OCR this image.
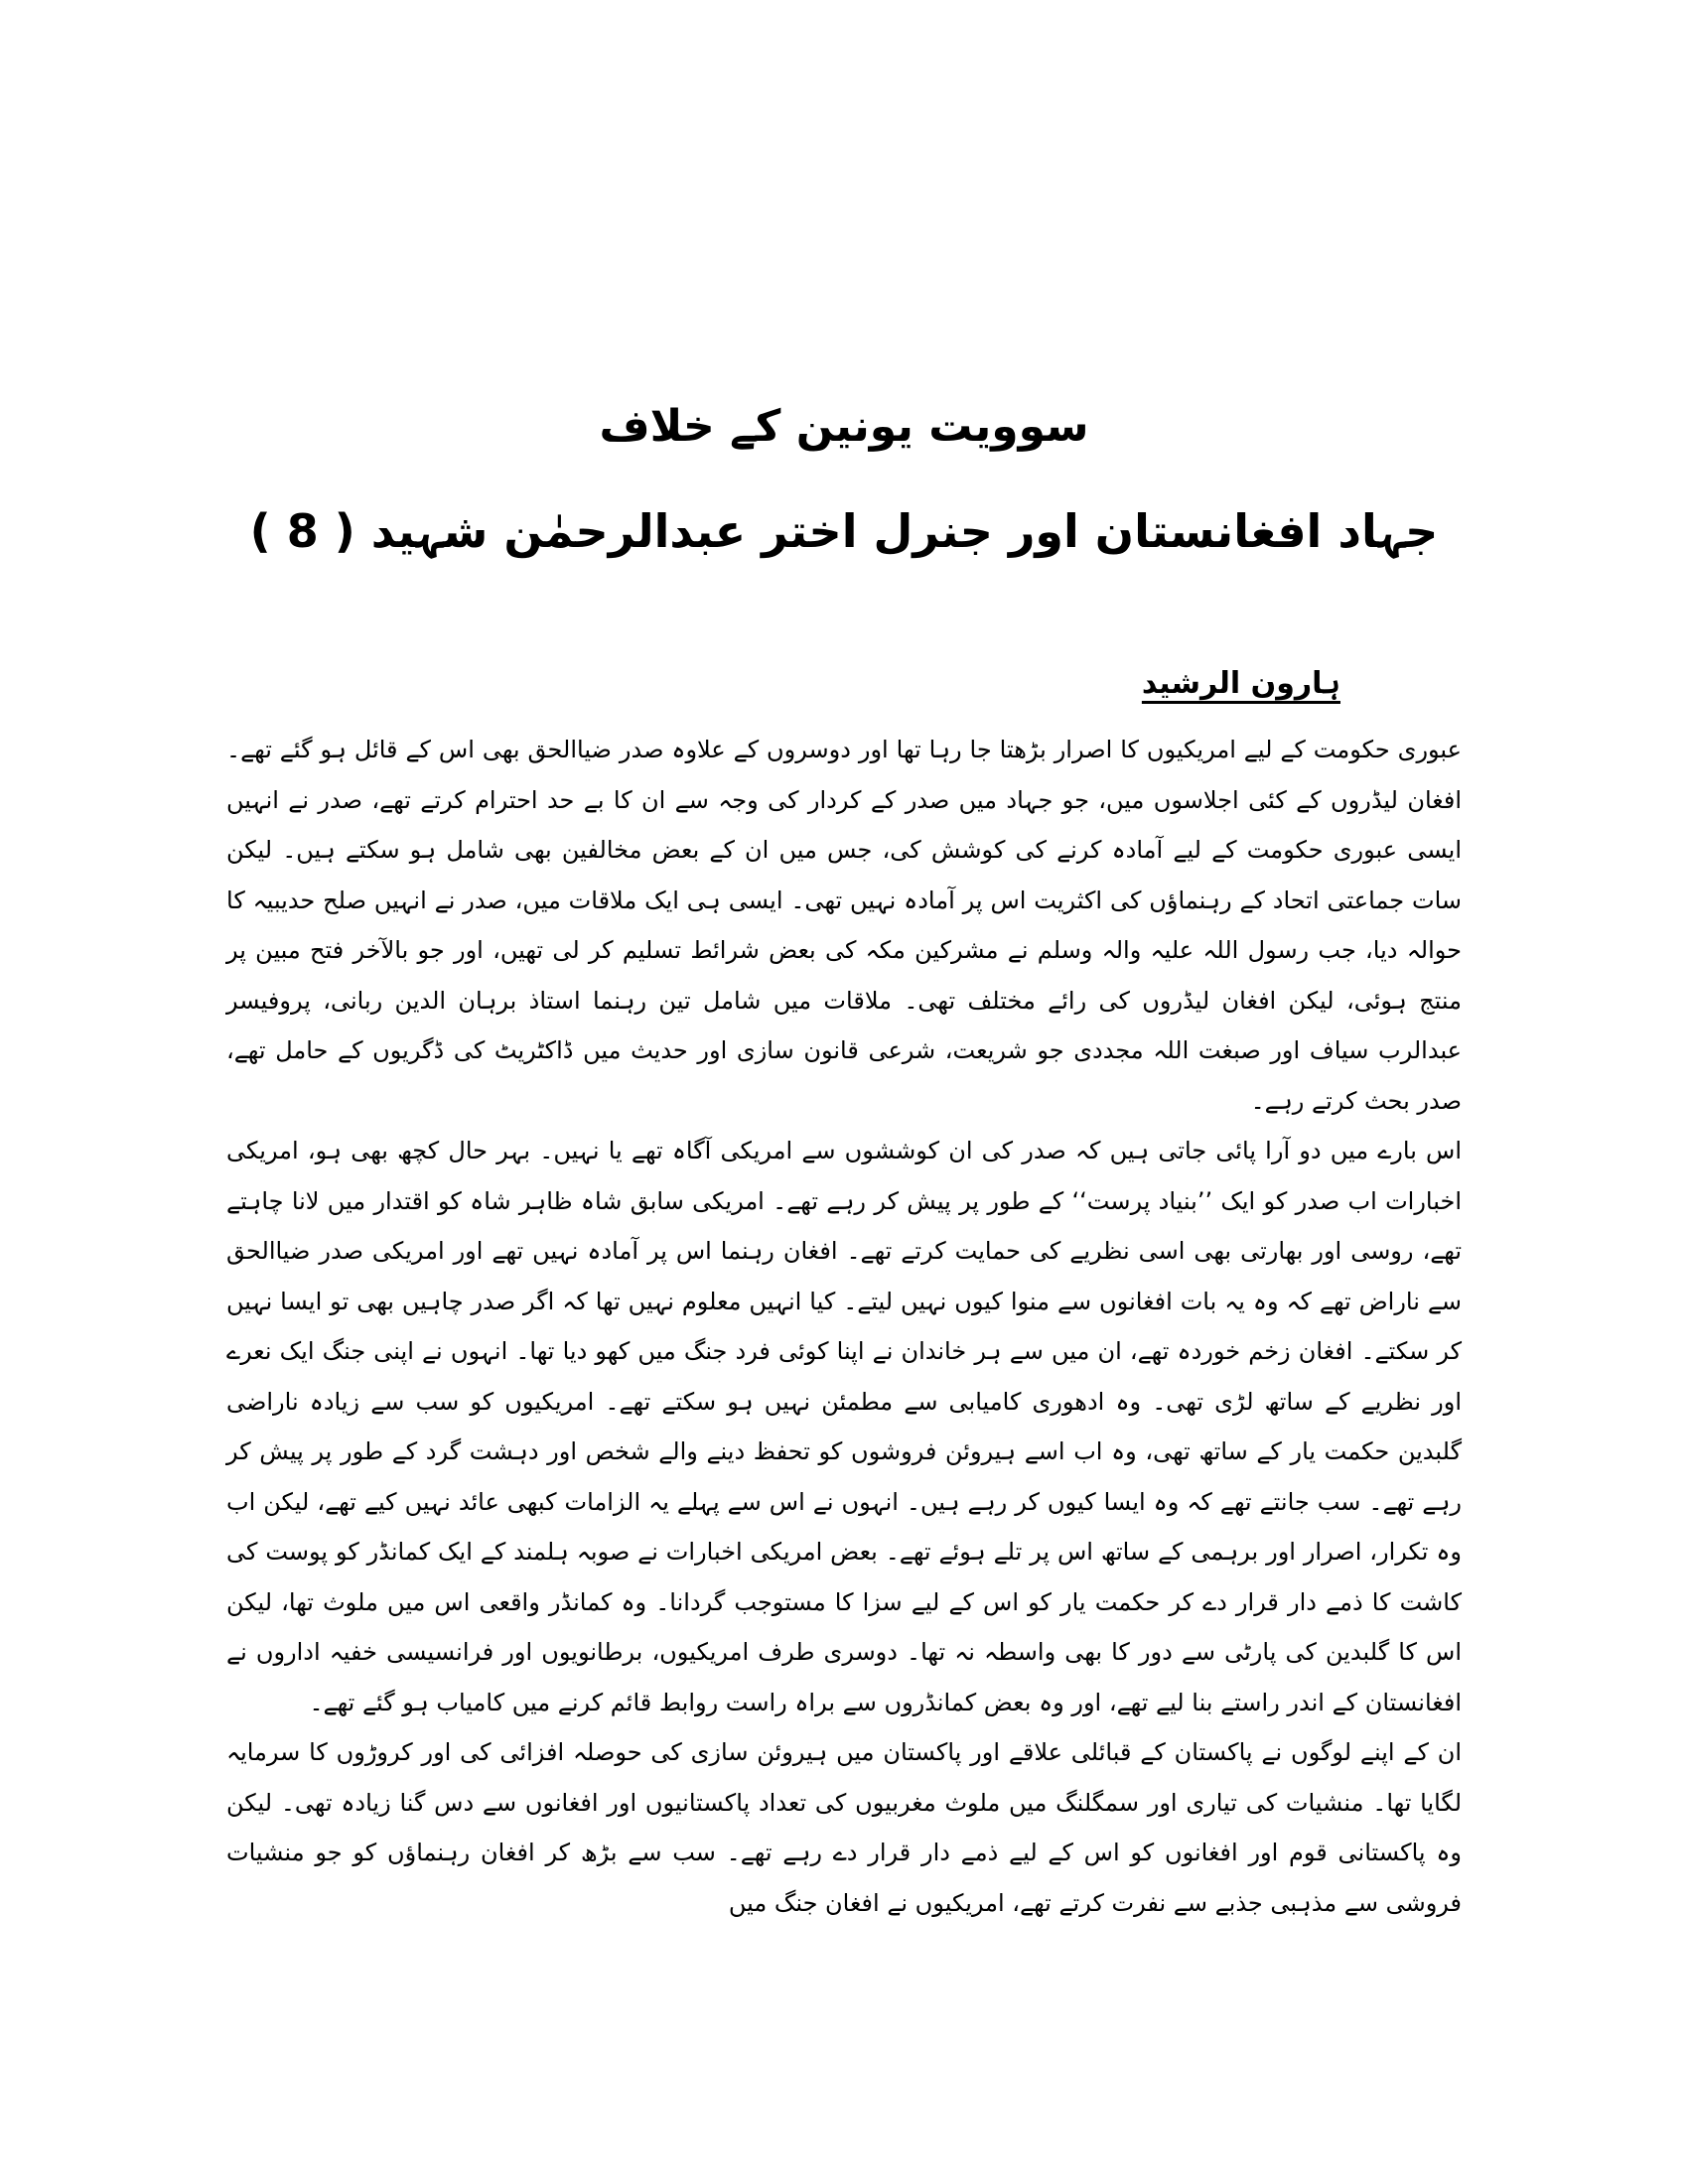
سوویت یونین کے خلاف
جہاد افغانستان اور جنرل اختر عبدالرحمٰن شہید ( 8 )
ہارون الرشید

عبوری حکومت کے لیے امریکیوں کا اصرار بڑھتا جا رہا تھا اور دوسروں کے علاوہ صدر ضیاالحق بھی اس کے قائل ہو گئے تھے۔ افغان لیڈروں کے کئی اجلاسوں میں، جو جہاد میں صدر کے کردار کی وجہ سے ان کا بے حد احترام کرتے تھے، صدر نے انہیں ایسی عبوری حکومت کے لیے آمادہ کرنے کی کوشش کی، جس میں ان کے بعض مخالفین بھی شامل ہو سکتے ہیں۔ لیکن سات جماعتی اتحاد کے رہنماؤں کی اکثریت اس پر آمادہ نہیں تھی۔ ایسی ہی ایک ملاقات میں، صدر نے انہیں صلح حدیبیہ کا حوالہ دیا، جب رسول اللہ علیہ والہ وسلم نے مشرکین مکہ کی بعض شرائط تسلیم کر لی تھیں، اور جو بالآخر فتح مبین پر منتج ہوئی، لیکن افغان لیڈروں کی رائے مختلف تھی۔ ملاقات میں شامل تین رہنما استاذ برہان الدین ربانی، پروفیسر عبدالرب سیاف اور صبغت اللہ مجددی جو شریعت، شرعی قانون سازی اور حدیث میں ڈاکٹریٹ کی ڈگریوں کے حامل تھے، صدر بحث کرتے رہے۔

اس بارے میں دو آرا پائی جاتی ہیں کہ صدر کی ان کوششوں سے امریکی آگاہ تھے یا نہیں۔ بہر حال کچھ بھی ہو، امریکی اخبارات اب صدر کو ایک ’’بنیاد پرست‘‘ کے طور پر پیش کر رہے تھے۔ امریکی سابق شاہ ظاہر شاہ کو اقتدار میں لانا چاہتے تھے، روسی اور بھارتی بھی اسی نظریے کی حمایت کرتے تھے۔ افغان رہنما اس پر آمادہ نہیں تھے اور امریکی صدر ضیاالحق سے ناراض تھے کہ وہ یہ بات افغانوں سے منوا کیوں نہیں لیتے۔ کیا انہیں معلوم نہیں تھا کہ اگر صدر چاہیں بھی تو ایسا نہیں کر سکتے۔ افغان زخم خوردہ تھے، ان میں سے ہر خاندان نے اپنا کوئی فرد جنگ میں کھو دیا تھا۔ انہوں نے اپنی جنگ ایک نعرے اور نظریے کے ساتھ لڑی تھی۔ وہ ادھوری کامیابی سے مطمئن نہیں ہو سکتے تھے۔ امریکیوں کو سب سے زیادہ ناراضی گلبدین حکمت یار کے ساتھ تھی، وہ اب اسے ہیروئن فروشوں کو تحفظ دینے والے شخص اور دہشت گرد کے طور پر پیش کر رہے تھے۔ سب جانتے تھے کہ وہ ایسا کیوں کر رہے ہیں۔ انہوں نے اس سے پہلے یہ الزامات کبھی عائد نہیں کیے تھے، لیکن اب وہ تکرار، اصرار اور برہمی کے ساتھ اس پر تلے ہوئے تھے۔ بعض امریکی اخبارات نے صوبہ ہلمند کے ایک کمانڈر کو پوست کی کاشت کا ذمے دار قرار دے کر حکمت یار کو اس کے لیے سزا کا مستوجب گردانا۔ وہ کمانڈر واقعی اس میں ملوث تھا، لیکن اس کا گلبدین کی پارٹی سے دور کا بھی واسطہ نہ تھا۔ دوسری طرف امریکیوں، برطانویوں اور فرانسیسی خفیہ اداروں نے افغانستان کے اندر راستے بنا لیے تھے، اور وہ بعض کمانڈروں سے براہ راست روابط قائم کرنے میں کامیاب ہو گئے تھے۔

ان کے اپنے لوگوں نے پاکستان کے قبائلی علاقے اور پاکستان میں ہیروئن سازی کی حوصلہ افزائی کی اور کروڑوں کا سرمایہ لگایا تھا۔ منشیات کی تیاری اور سمگلنگ میں ملوث مغربیوں کی تعداد پاکستانیوں اور افغانوں سے دس گنا زیادہ تھی۔ لیکن وہ پاکستانی قوم اور افغانوں کو اس کے لیے ذمے دار قرار دے رہے تھے۔ سب سے بڑھ کر افغان رہنماؤں کو جو منشیات فروشی سے مذہبی جذبے سے نفرت کرتے تھے، امریکیوں نے افغان جنگ میں
